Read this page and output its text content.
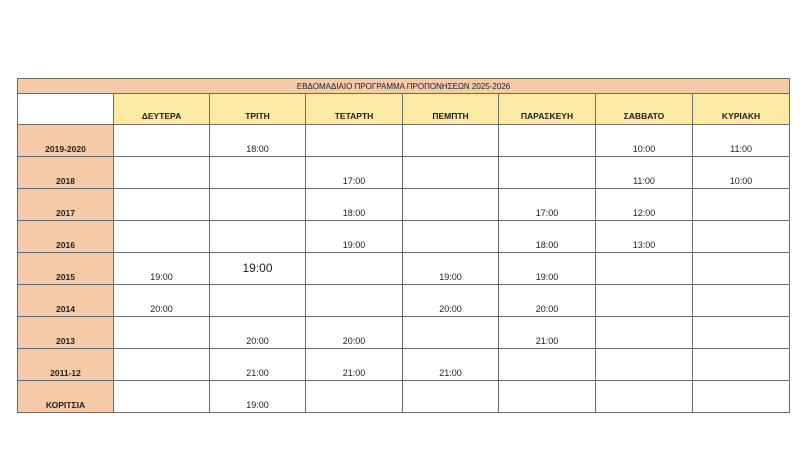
ΕΒΔΟΜΑΔΙΑΙΟ ΠΡΟΓΡΑΜΜΑ ΠΡΟΠΟΝΗΣΕΩΝ 2025-2026							
	ΔΕΥΤΕΡΑ	ΤΡΙΤΗ	ΤΕΤΑΡΤΗ	ΠΕΜΠΤΗ	ΠΑΡΑΣΚΕΥΗ	ΣΑΒΒΑΤΟ	ΚΥΡΙΑΚΗ
2019-2020		18:00				10:00	11:00
2018			17:00			11:00	10:00
2017			18:00		17:00	12:00	
2016			19:00		18:00	13:00	
2015	19:00	19:00		19:00	19:00		
2014	20:00			20:00	20:00		
2013		20:00	20:00		21:00		
2011-12		21:00	21:00	21:00			
ΚΟΡΙΤΣΙΑ		19:00					
